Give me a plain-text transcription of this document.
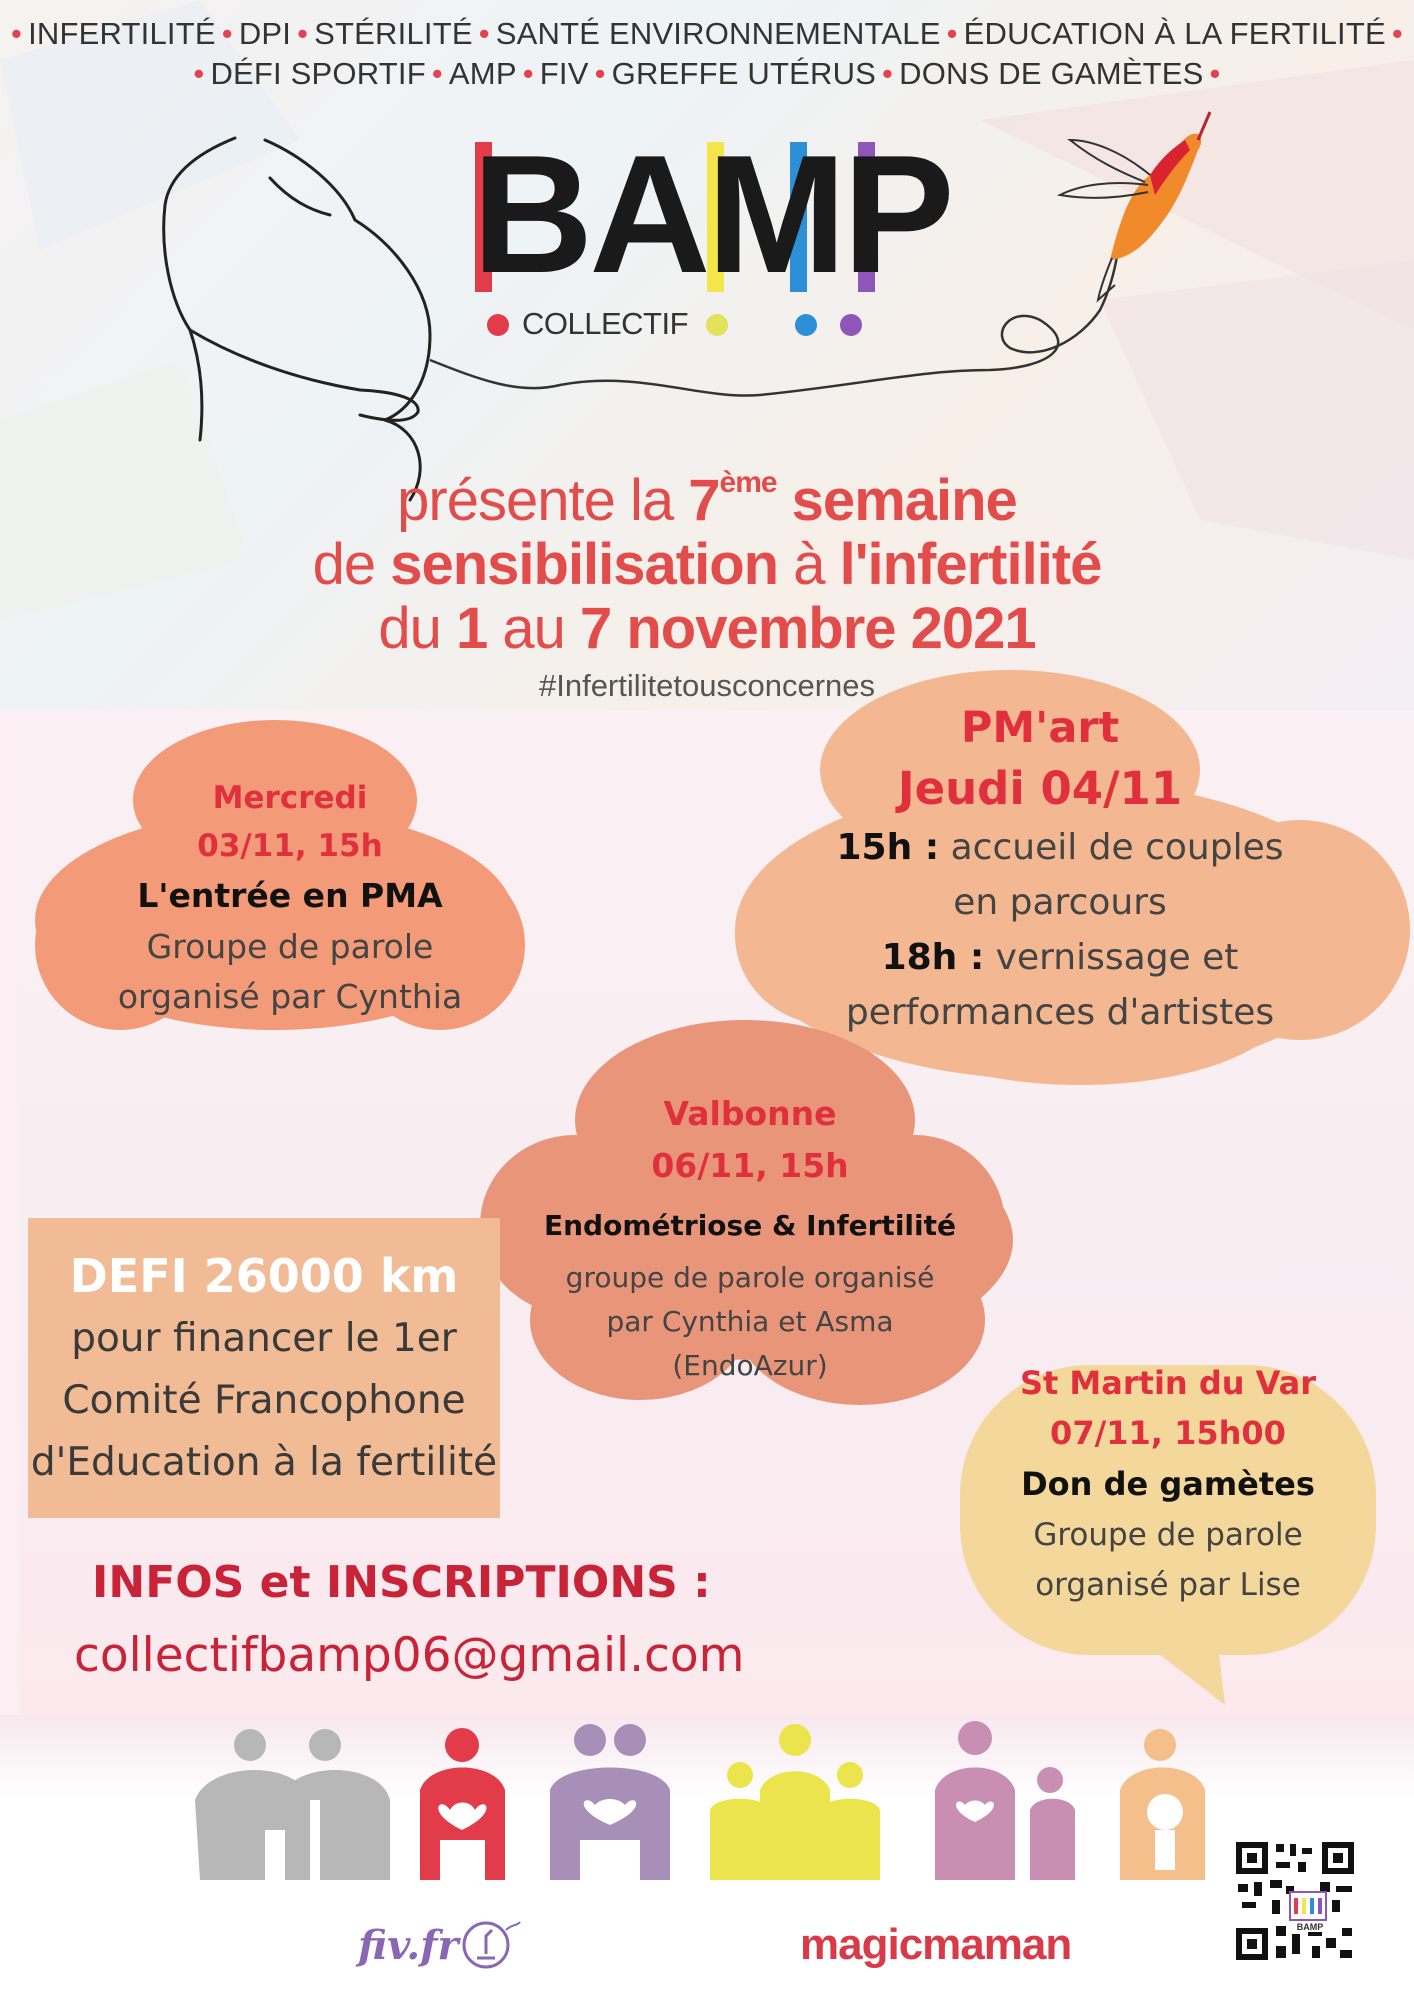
• INFERTILITÉ • DPI • STÉRILITÉ • SANTÉ ENVIRONNEMENTALE • ÉDUCATION À LA FERTILITÉ •
• DÉFI SPORTIF • AMP • FIV • GREFFE UTÉRUS • DONS DE GAMÈTES •
BAMP
COLLECTIF
présente la 7ème semaine
de sensibilisation à l'infertilité
du 1 au 7 novembre 2021
#Infertilitetousconcernes
Mercredi
03/11, 15h
L'entrée en PMA
Groupe de parole
organisé par Cynthia
PM'art
Jeudi 04/11
15h : accueil de couples
en parcours
18h : vernissage et
performances d'artistes
Valbonne
06/11, 15h
Endométriose & Infertilité
groupe de parole organisé
par Cynthia et Asma
(EndoAzur)	St Martin du Var
07/11, 15h00
Don de gamètes
Groupe de parole
organisé par Lise
DEFI 26000 km
pour financer le 1er
Comité Francophone
d'Education à la fertilité
INFOS et INSCRIPTIONS :
collectifbamp06@gmail.com
fiv.fr	magicmaman	BAMP
